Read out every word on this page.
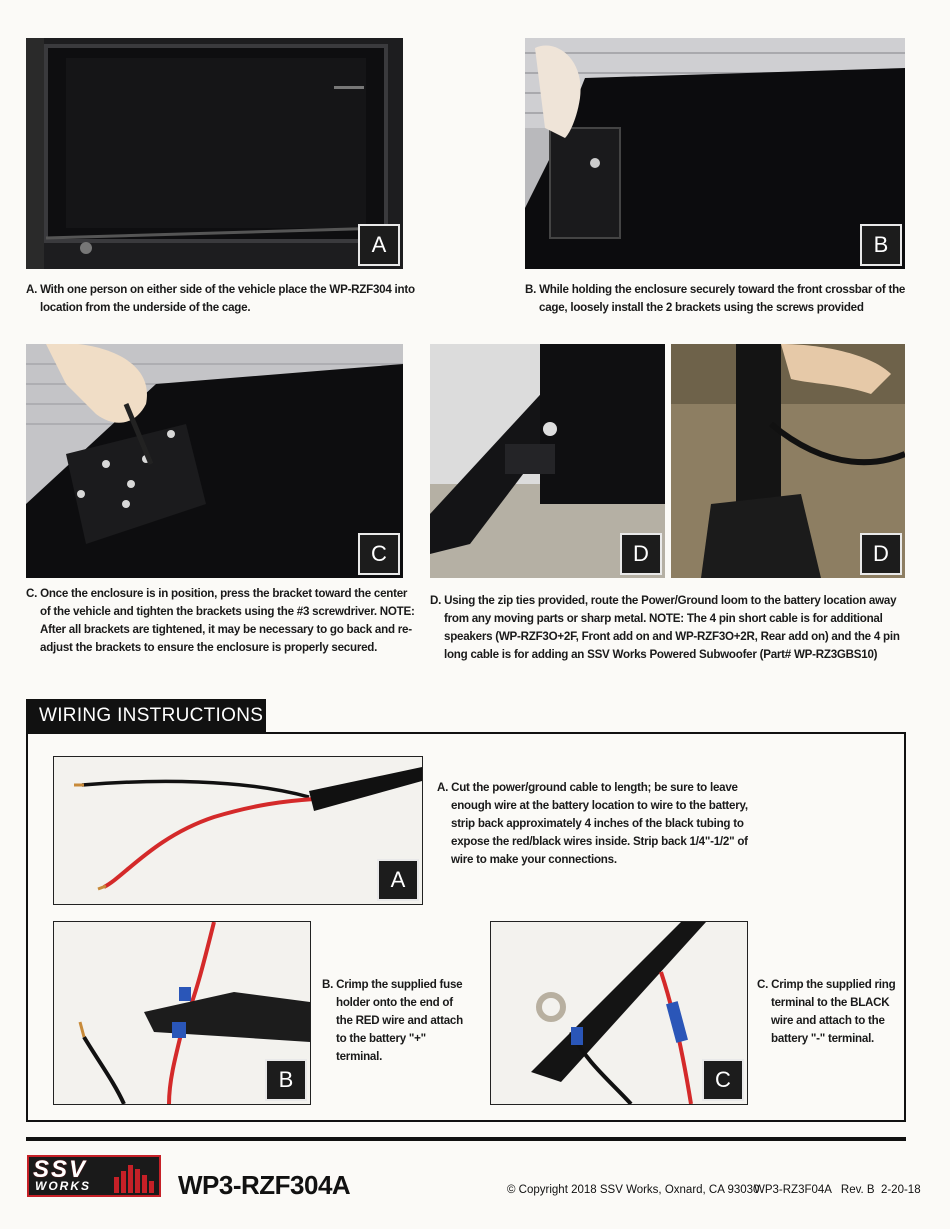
A	B
A. With one person on either side of the vehicle place the WP-RZF304 into location from the underside of the cage.
B. While holding the enclosure securely toward the front crossbar of the cage, loosely install the 2 brackets using the screws provided
C	D	D
C. Once the enclosure is in position, press the bracket toward the center of the vehicle and tighten the brackets using the #3 screwdriver. NOTE: After all brackets are tightened, it may be necessary to go back and re-adjust the brackets to ensure the enclosure is properly secured.
D. Using the zip ties provided, route the Power/Ground loom to the battery location away from any moving parts or sharp metal. NOTE: The 4 pin short cable is for additional speakers (WP-RZF3O+2F, Front add on and WP-RZF3O+2R, Rear add on) and the 4 pin long cable is for adding an SSV Works Powered Subwoofer (Part# WP-RZ3GBS10)
WIRING INSTRUCTIONS
A
A. Cut the power/ground cable to length; be sure to leave enough wire at the battery location to wire to the battery, strip back approximately 4 inches of the black tubing to expose the red/black wires inside. Strip back 1/4"-1/2" of wire to make your connections.
B
B. Crimp the supplied fuse holder onto the end of the RED wire and attach to the battery "+" terminal.
C
C. Crimp the supplied ring terminal to the BLACK wire and attach to the battery "-" terminal.
SSV
WORKS	WP3-RZF304A	© Copyright 2018 SSV Works, Oxnard, CA 93030
WP3-RZ3F04A   Rev. B  2-20-18
